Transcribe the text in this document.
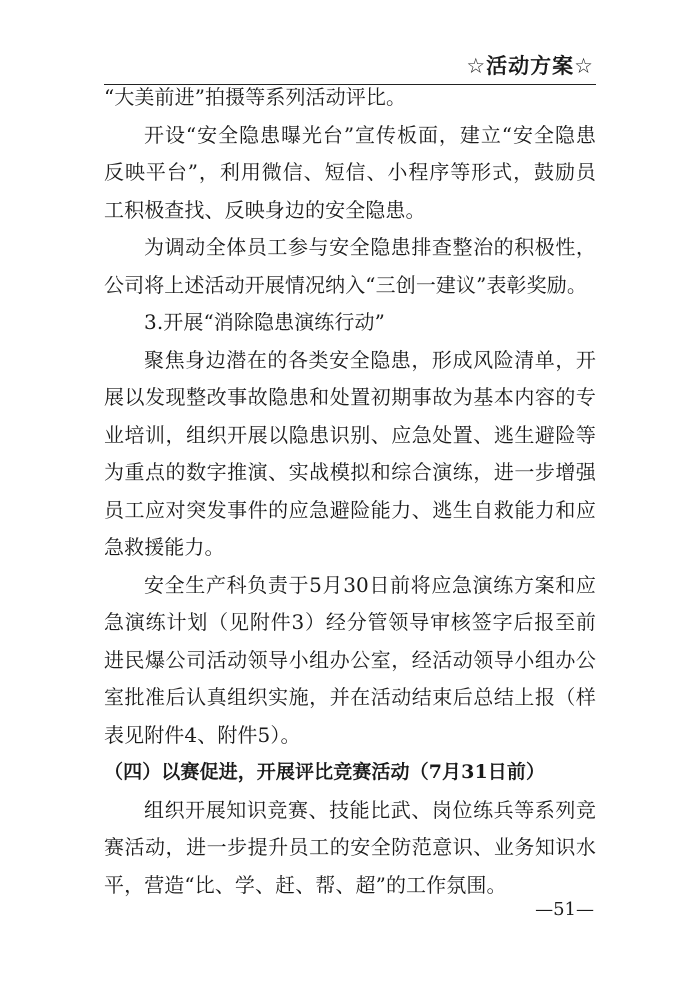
☆活动方案☆

“大美前进”拍摄等系列活动评比。

开设“安全隐患曝光台”宣传板面，建立“安全隐患反映平台”，利用微信、短信、小程序等形式，鼓励员工积极查找、反映身边的安全隐患。

为调动全体员工参与安全隐患排查整治的积极性，公司将上述活动开展情况纳入“三创一建议”表彰奖励。

3.开展“消除隐患演练行动”

聚焦身边潜在的各类安全隐患，形成风险清单，开展以发现整改事故隐患和处置初期事故为基本内容的专业培训，组织开展以隐患识别、应急处置、逃生避险等为重点的数字推演、实战模拟和综合演练，进一步增强员工应对突发事件的应急避险能力、逃生自救能力和应急救援能力。

安全生产科负责于5月30日前将应急演练方案和应急演练计划（见附件3）经分管领导审核签字后报至前进民爆公司活动领导小组办公室，经活动领导小组办公室批准后认真组织实施，并在活动结束后总结上报（样表见附件4、附件5）。

（四）以赛促进，开展评比竞赛活动（7月31日前）

组织开展知识竞赛、技能比武、岗位练兵等系列竞赛活动，进一步提升员工的安全防范意识、业务知识水平，营造“比、学、赶、帮、超”的工作氛围。

—51—
